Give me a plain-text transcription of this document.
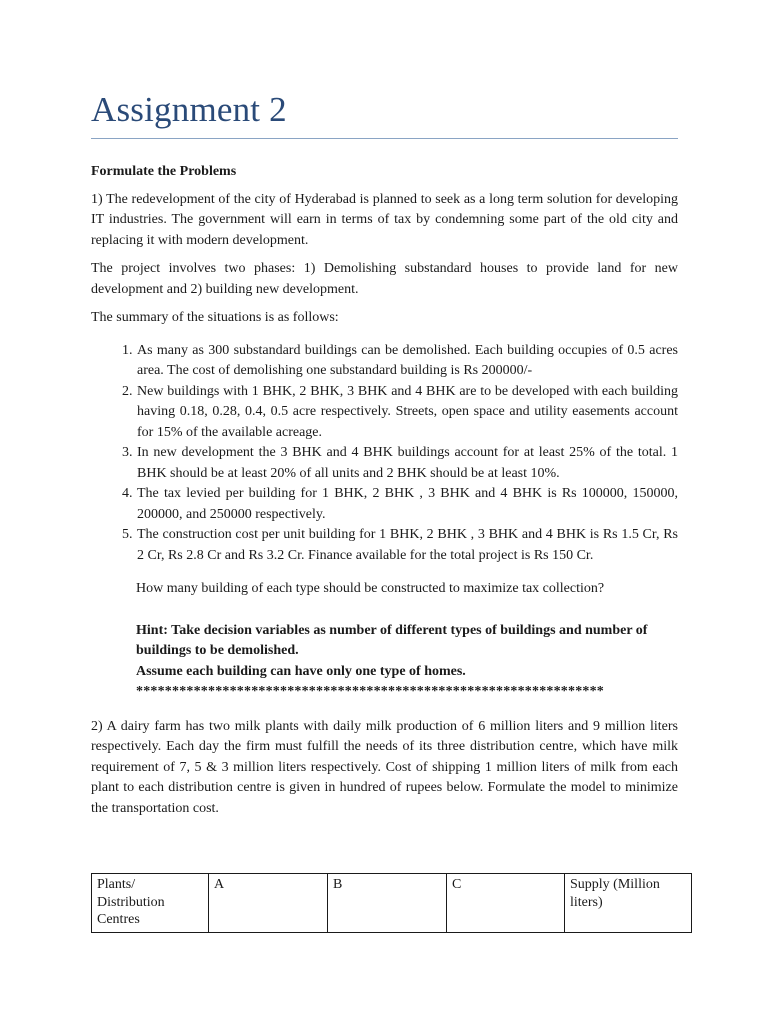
Assignment 2

Formulate the Problems

1) The redevelopment of the city of Hyderabad is planned to seek as a long term solution for developing IT industries. The government will earn in terms of tax by condemning some part of the old city and replacing it with modern development.

The project involves two phases: 1) Demolishing substandard houses to provide land for new development and 2) building new development.

The summary of the situations is as follows:

1. As many as 300 substandard buildings can be demolished. Each building occupies of 0.5 acres area. The cost of demolishing one substandard building is Rs 200000/-
2. New buildings with 1 BHK, 2 BHK, 3 BHK and 4 BHK are to be developed with each building having 0.18, 0.28, 0.4, 0.5 acre respectively. Streets, open space and utility easements account for 15% of the available acreage.
3. In new development the 3 BHK and 4 BHK buildings account for at least 25% of the total. 1 BHK should be at least 20% of all units and 2 BHK should be at least 10%.
4. The tax levied per building for 1 BHK, 2 BHK , 3 BHK and 4 BHK is Rs 100000, 150000, 200000, and 250000 respectively.
5. The construction cost per unit building for 1 BHK, 2 BHK , 3 BHK and 4 BHK is Rs 1.5 Cr, Rs 2 Cr, Rs 2.8 Cr and Rs 3.2 Cr. Finance available for the total project is Rs 150 Cr.

How many building of each type should be constructed to maximize tax collection?

Hint: Take decision variables as number of different types of buildings and number of buildings to be demolished.

Assume each building can have only one type of homes.

*****************************************************************

2) A dairy farm has two milk plants with daily milk production of 6 million liters and 9 million liters respectively. Each day the firm must fulfill the needs of its three distribution centre, which have milk requirement of 7, 5 & 3 million liters respectively. Cost of shipping 1 million liters of milk from each plant to each distribution centre is given in hundred of rupees below. Formulate the model to minimize the transportation cost.

Plants/ Distribution Centres	A	B	C	Supply (Million liters)
